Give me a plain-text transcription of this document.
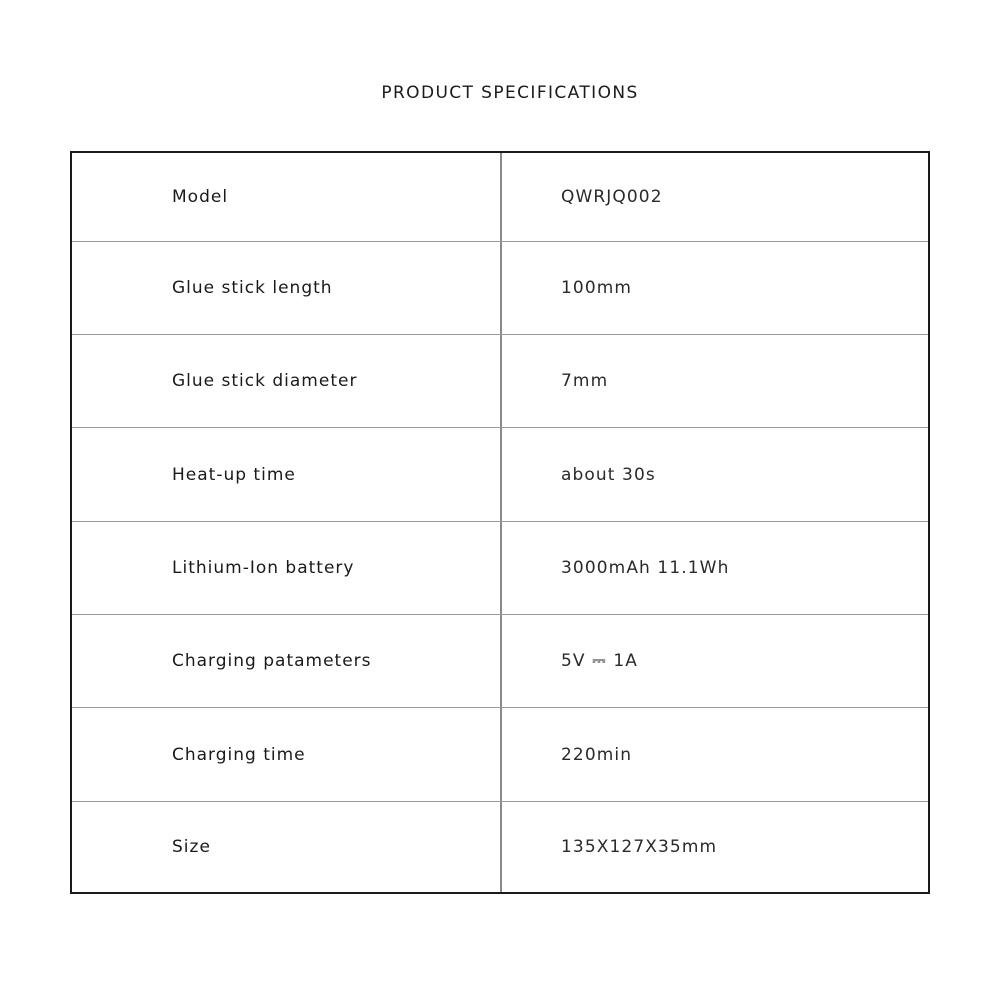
PRODUCT SPECIFICATIONS
Model	QWRJQ002
Glue stick length	100mm
Glue stick diameter	7mm
Heat-up time	about 30s
Lithium-Ion battery	3000mAh 11.1Wh
Charging patameters	5V ⎓ 1A
Charging time	220min
Size	135X127X35mm
